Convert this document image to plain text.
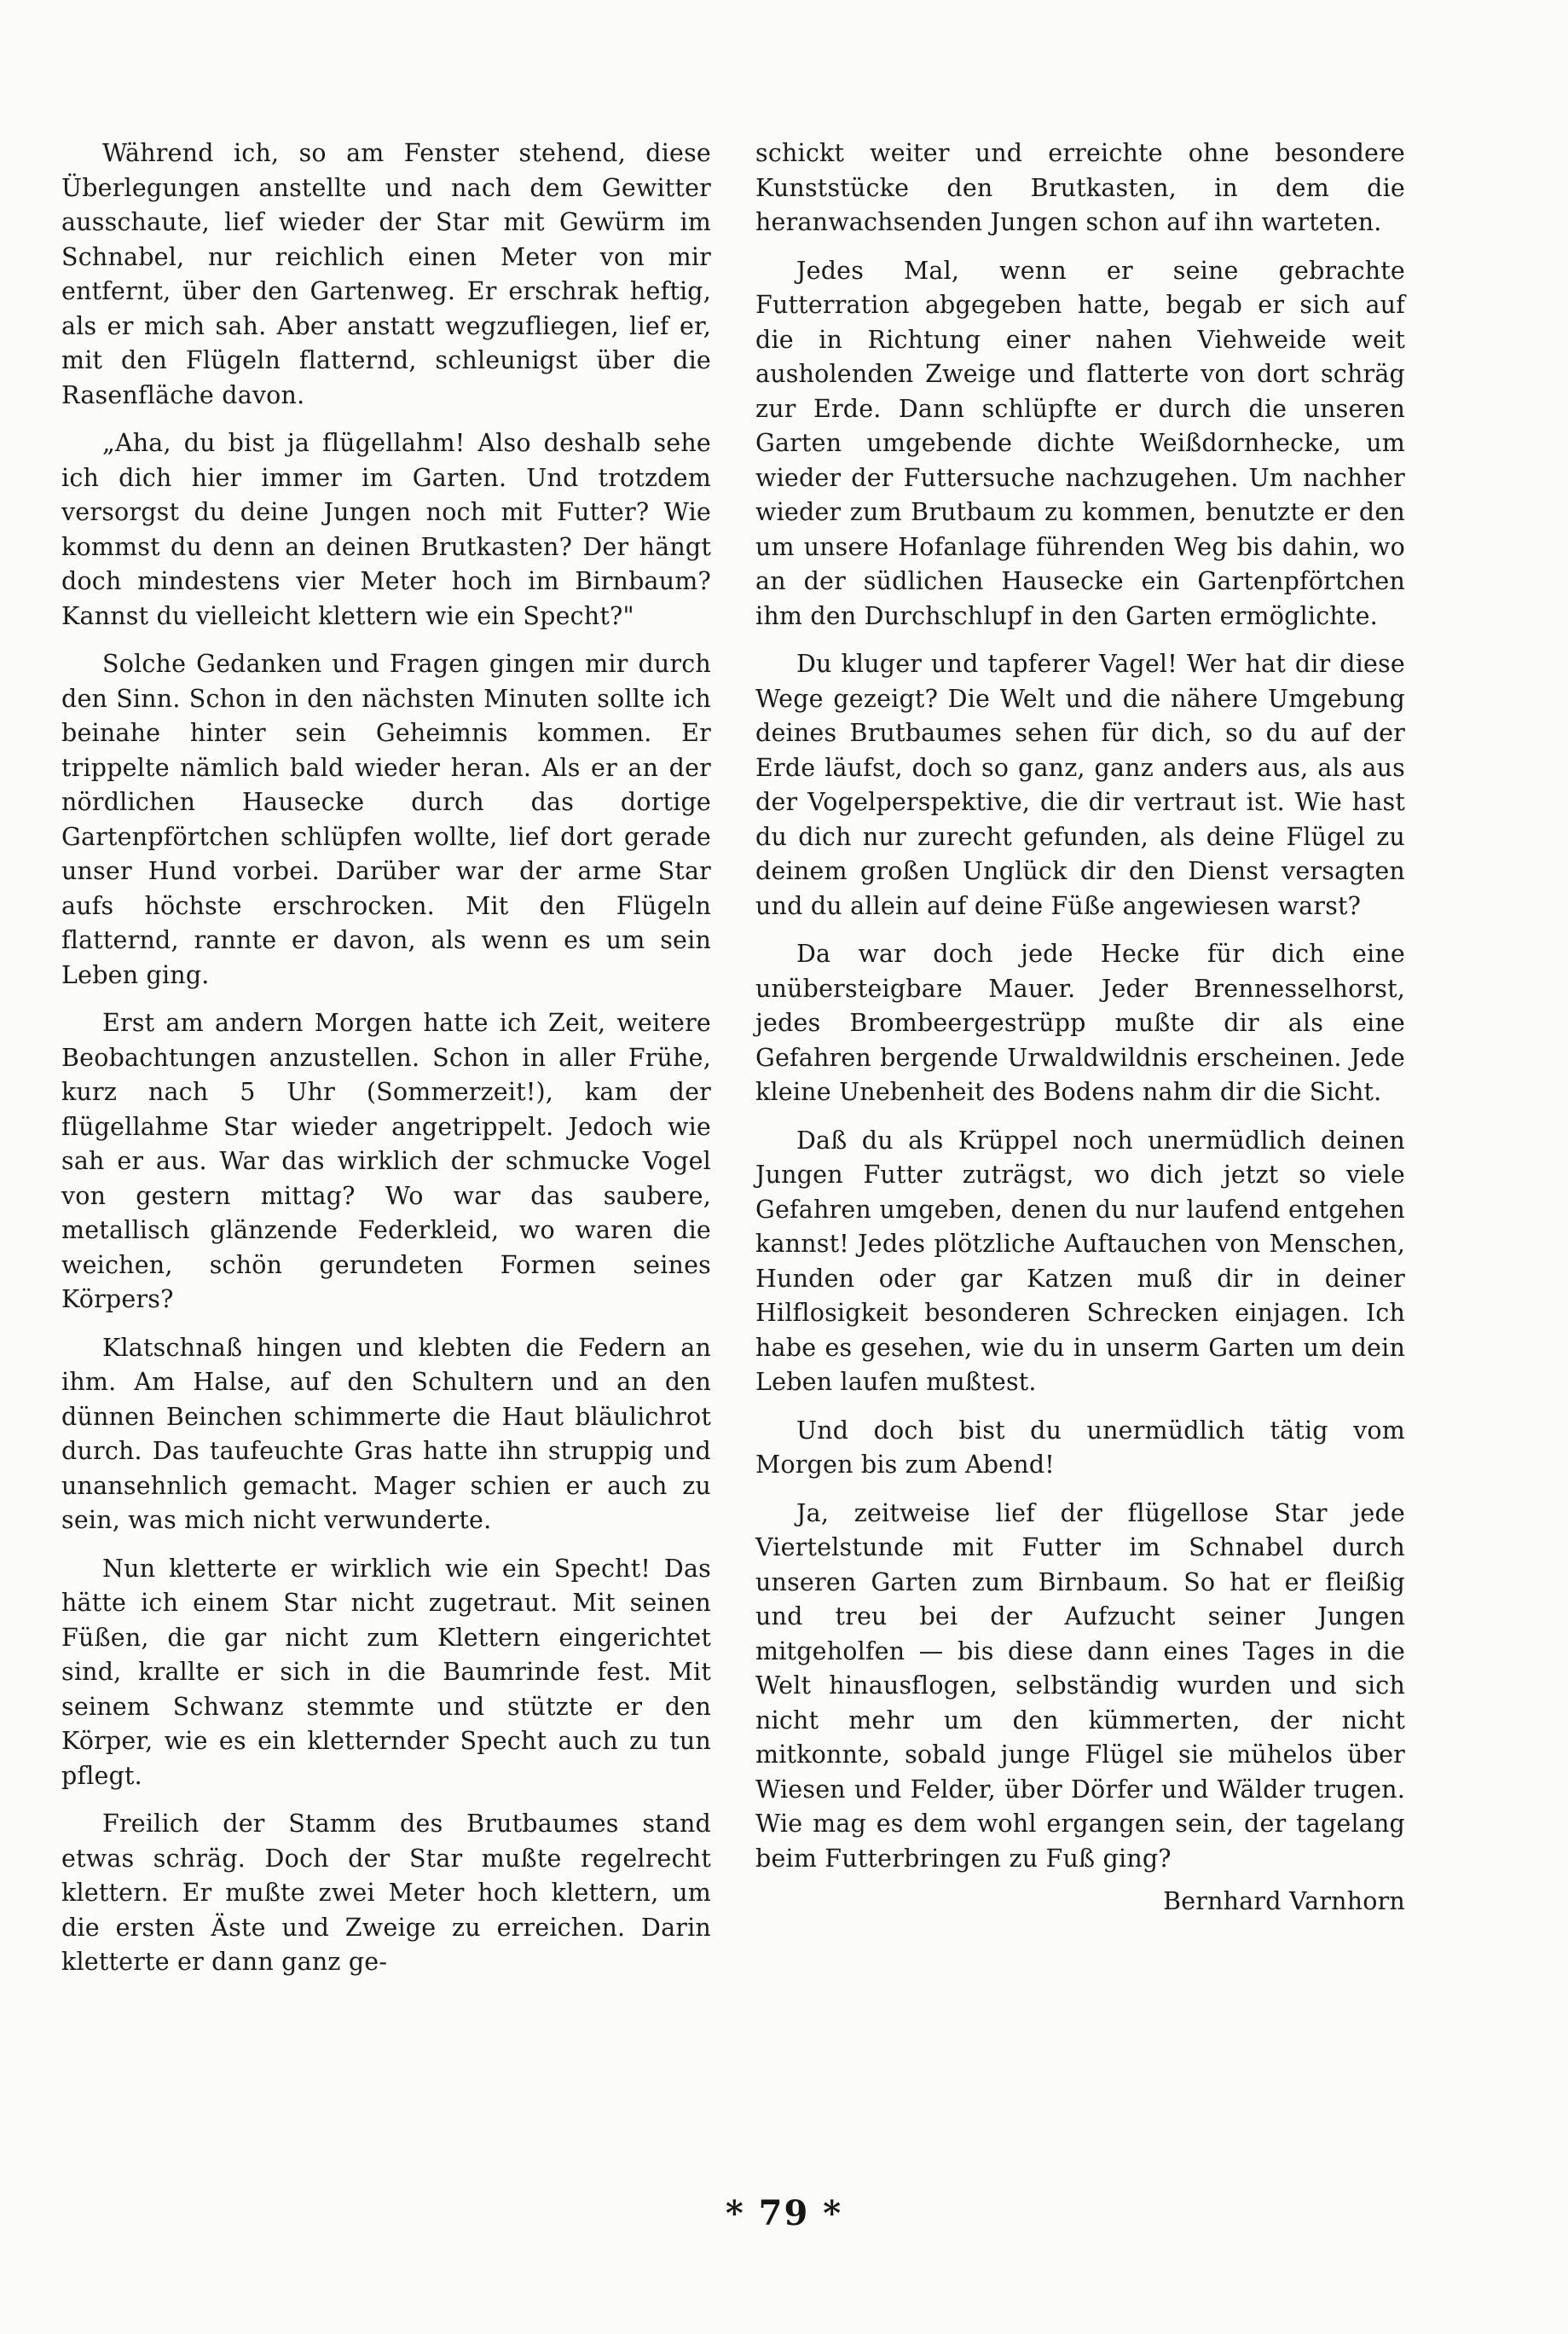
Während ich, so am Fenster stehend, diese Überlegungen anstellte und nach dem Gewitter ausschaute, lief wieder der Star mit Gewürm im Schnabel, nur reichlich einen Meter von mir entfernt, über den Gartenweg. Er erschrak heftig, als er mich sah. Aber anstatt wegzufliegen, lief er, mit den Flügeln flatternd, schleunigst über die Rasenfläche davon.

„Aha, du bist ja flügellahm! Also deshalb sehe ich dich hier immer im Garten. Und trotzdem versorgst du deine Jungen noch mit Futter? Wie kommst du denn an deinen Brutkasten? Der hängt doch mindestens vier Meter hoch im Birnbaum? Kannst du vielleicht klettern wie ein Specht?"

Solche Gedanken und Fragen gingen mir durch den Sinn. Schon in den nächsten Minuten sollte ich beinahe hinter sein Geheimnis kommen. Er trippelte nämlich bald wieder heran. Als er an der nördlichen Hausecke durch das dortige Gartenpförtchen schlüpfen wollte, lief dort gerade unser Hund vorbei. Darüber war der arme Star aufs höchste erschrocken. Mit den Flügeln flatternd, rannte er davon, als wenn es um sein Leben ging.

Erst am andern Morgen hatte ich Zeit, weitere Beobachtungen anzustellen. Schon in aller Frühe, kurz nach 5 Uhr (Sommerzeit!), kam der flügellahme Star wieder angetrippelt. Jedoch wie sah er aus. War das wirklich der schmucke Vogel von gestern mittag? Wo war das saubere, metallisch glänzende Federkleid, wo waren die weichen, schön gerundeten Formen seines Körpers?

Klatschnaß hingen und klebten die Federn an ihm. Am Halse, auf den Schultern und an den dünnen Beinchen schimmerte die Haut bläulichrot durch. Das taufeuchte Gras hatte ihn struppig und unansehnlich gemacht. Mager schien er auch zu sein, was mich nicht verwunderte.

Nun kletterte er wirklich wie ein Specht! Das hätte ich einem Star nicht zugetraut. Mit seinen Füßen, die gar nicht zum Klettern eingerichtet sind, krallte er sich in die Baumrinde fest. Mit seinem Schwanz stemmte und stützte er den Körper, wie es ein kletternder Specht auch zu tun pflegt.

Freilich der Stamm des Brutbaumes stand etwas schräg. Doch der Star mußte regelrecht klettern. Er mußte zwei Meter hoch klettern, um die ersten Äste und Zweige zu erreichen. Darin kletterte er dann ganz ge-

schickt weiter und erreichte ohne besondere Kunststücke den Brutkasten, in dem die heranwachsenden Jungen schon auf ihn warteten.

Jedes Mal, wenn er seine gebrachte Futterration abgegeben hatte, begab er sich auf die in Richtung einer nahen Viehweide weit ausholenden Zweige und flatterte von dort schräg zur Erde. Dann schlüpfte er durch die unseren Garten umgebende dichte Weißdornhecke, um wieder der Futtersuche nachzugehen. Um nachher wieder zum Brutbaum zu kommen, benutzte er den um unsere Hofanlage führenden Weg bis dahin, wo an der südlichen Hausecke ein Gartenpförtchen ihm den Durchschlupf in den Garten ermöglichte.

Du kluger und tapferer Vagel! Wer hat dir diese Wege gezeigt? Die Welt und die nähere Umgebung deines Brutbaumes sehen für dich, so du auf der Erde läufst, doch so ganz, ganz anders aus, als aus der Vogelperspektive, die dir vertraut ist. Wie hast du dich nur zurecht gefunden, als deine Flügel zu deinem großen Unglück dir den Dienst versagten und du allein auf deine Füße angewiesen warst?

Da war doch jede Hecke für dich eine unübersteigbare Mauer. Jeder Brennesselhorst, jedes Brombeergestrüpp mußte dir als eine Gefahren bergende Urwaldwildnis erscheinen. Jede kleine Unebenheit des Bodens nahm dir die Sicht.

Daß du als Krüppel noch unermüdlich deinen Jungen Futter zuträgst, wo dich jetzt so viele Gefahren umgeben, denen du nur laufend entgehen kannst! Jedes plötzliche Auftauchen von Menschen, Hunden oder gar Katzen muß dir in deiner Hilflosigkeit besonderen Schrecken einjagen. Ich habe es gesehen, wie du in unserm Garten um dein Leben laufen mußtest.

Und doch bist du unermüdlich tätig vom Morgen bis zum Abend!

Ja, zeitweise lief der flügellose Star jede Viertelstunde mit Futter im Schnabel durch unseren Garten zum Birnbaum. So hat er fleißig und treu bei der Aufzucht seiner Jungen mitgeholfen — bis diese dann eines Tages in die Welt hinausflogen, selbständig wurden und sich nicht mehr um den kümmerten, der nicht mitkonnte, sobald junge Flügel sie mühelos über Wiesen und Felder, über Dörfer und Wälder trugen. Wie mag es dem wohl ergangen sein, der tagelang beim Futterbringen zu Fuß ging?

Bernhard Varnhorn

* 79 *
